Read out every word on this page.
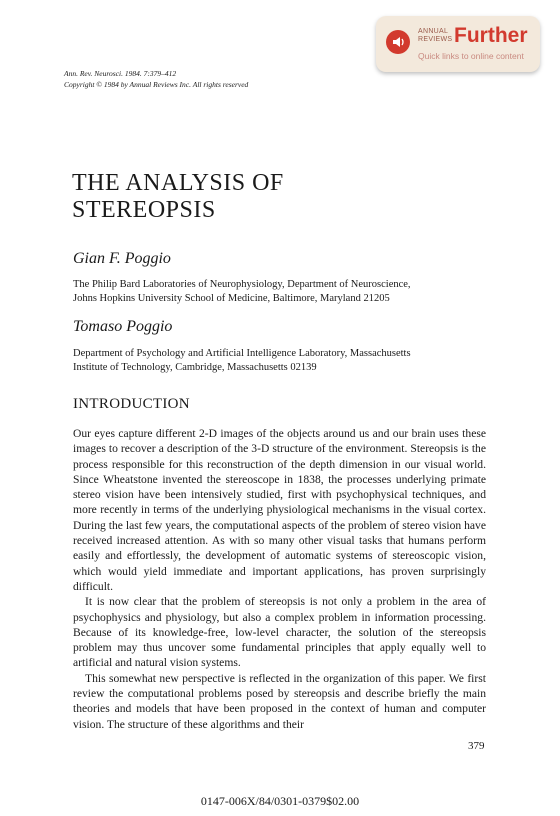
ANNUAL
REVIEWS Further
Quick links to online content
Ann. Rev. Neurosci. 1984. 7:379–412
Copyright © 1984 by Annual Reviews Inc. All rights reserved
THE ANALYSIS OF
STEREOPSIS
Gian F. Poggio
The Philip Bard Laboratories of Neurophysiology, Department of Neuroscience,
Johns Hopkins University School of Medicine, Baltimore, Maryland 21205
Tomaso Poggio
Department of Psychology and Artificial Intelligence Laboratory, Massachusetts
Institute of Technology, Cambridge, Massachusetts 02139
INTRODUCTION

Our eyes capture different 2-D images of the objects around us and our brain uses these images to recover a description of the 3-D structure of the environment. Stereopsis is the process responsible for this reconstruction of the depth dimension in our visual world. Since Wheatstone invented the stereoscope in 1838, the processes underlying primate stereo vision have been intensively studied, first with psychophysical techniques, and more recently in terms of the underlying physiological mechanisms in the visual cortex. During the last few years, the computational aspects of the problem of stereo vision have received increased attention. As with so many other visual tasks that humans perform easily and effortlessly, the development of automatic systems of stereoscopic vision, which would yield immediate and important applications, has proven surprisingly difficult.

It is now clear that the problem of stereopsis is not only a problem in the area of psychophysics and physiology, but also a complex problem in information processing. Because of its knowledge-free, low-level character, the solution of the stereopsis problem may thus uncover some fundamental principles that apply equally well to artificial and natural vision systems.

This somewhat new perspective is reflected in the organization of this paper. We first review the computational problems posed by stereopsis and describe briefly the main theories and models that have been proposed in the context of human and computer vision. The structure of these algorithms and their

379
0147-006X/84/0301-0379$02.00
